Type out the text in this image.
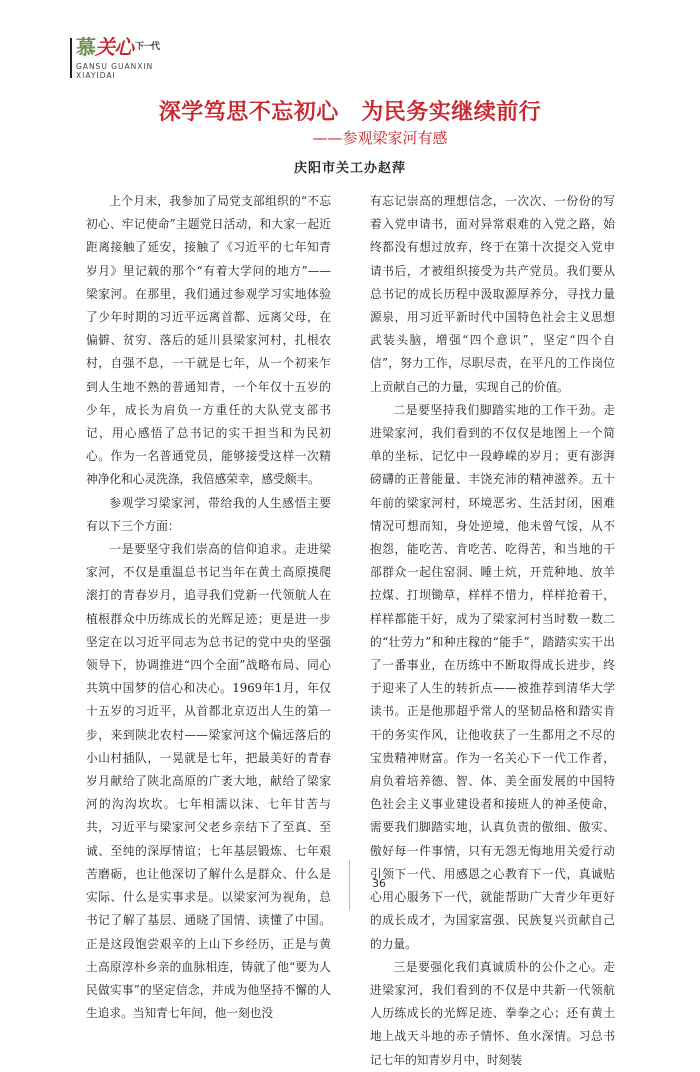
慕 关心 下一代
GANSU GUANXIN
XIAYIDAI
深学笃思不忘初心　为民务实继续前行
——参观梁家河有感
庆阳市关工办赵萍

上个月末，我参加了局党支部组织的“不忘初心、牢记使命”主题党日活动，和大家一起近距离接触了延安，接触了《习近平的七年知青岁月》里记载的那个“有着大学问的地方”——梁家河。在那里，我们通过参观学习实地体验了少年时期的习近平远离首都、远离父母，在偏僻、贫穷、落后的延川县梁家河村，扎根农村，自强不息，一干就是七年，从一个初来乍到人生地不熟的普通知青，一个年仅十五岁的少年，成长为肩负一方重任的大队党支部书记，用心感悟了总书记的实干担当和为民初心。作为一名普通党员，能够接受这样一次精神净化和心灵洗涤，我倍感荣幸，感受颇丰。

参观学习梁家河，带给我的人生感悟主要有以下三个方面：

一是要坚守我们崇高的信仰追求。走进梁家河，不仅是重温总书记当年在黄土高原摸爬滚打的青春岁月，追寻我们党新一代领航人在植根群众中历练成长的光辉足迹；更是进一步坚定在以习近平同志为总书记的党中央的坚强领导下，协调推进“四个全面”战略布局、同心共筑中国梦的信心和决心。1969年1月，年仅十五岁的习近平，从首都北京迈出人生的第一步，来到陕北农村——梁家河这个偏远落后的小山村插队，一晃就是七年，把最美好的青春岁月献给了陕北高原的广袤大地，献给了梁家河的沟沟坎坎。七年相濡以沫、七年甘苦与共，习近平与梁家河父老乡亲结下了至真、至诚、至纯的深厚情谊；七年基层锻炼、七年艰苦磨砺，也让他深切了解什么是群众、什么是实际、什么是实事求是。以梁家河为视角，总书记了解了基层、通晓了国情、读懂了中国。正是这段饱尝艰辛的上山下乡经历，正是与黄土高原淳朴乡亲的血脉相连，铸就了他“要为人民做实事”的坚定信念，并成为他坚持不懈的人生追求。当知青七年间，他一刻也没

有忘记崇高的理想信念，一次次、一份份的写着入党申请书，面对异常艰难的入党之路，始终都没有想过放弃，终于在第十次提交入党申请书后，才被组织接受为共产党员。我们要从总书记的成长历程中汲取源厚养分，寻找力量源泉，用习近平新时代中国特色社会主义思想武装头脑，增强“四个意识”，坚定“四个自信”，努力工作，尽职尽责，在平凡的工作岗位上贡献自己的力量，实现自己的价值。

二是要坚持我们脚踏实地的工作干劲。走进梁家河，我们看到的不仅仅是地图上一个简单的坐标、记忆中一段峥嵘的岁月；更有澎湃磅礴的正普能量、丰饶充沛的精神滋养。五十年前的梁家河村，环境恶劣、生活封闭，困难情况可想而知，身处逆境，他未曾气馁，从不抱怨，能吃苦、肯吃苦、吃得苦，和当地的干部群众一起住窑洞、睡土炕，开荒种地、放羊拉煤、打坝锄草，样样不惜力，样样抢着干，样样都能干好，成为了梁家河村当时数一数二的“壮劳力”和种庄稼的“能手”，踏踏实实干出了一番事业，在历练中不断取得成长进步，终于迎来了人生的转折点——被推荐到清华大学读书。正是他那超乎常人的坚韧品格和踏实肯干的务实作风，让他收获了一生都用之不尽的宝贵精神财富。作为一名关心下一代工作者，肩负着培养德、智、体、美全面发展的中国特色社会主义事业建设者和接班人的神圣使命，需要我们脚踏实地，认真负责的傲细、傲实、傲好每一件事情，只有无怨无悔地用关爱行动引领下一代、用感恩之心教育下一代，真诚贴心用心服务下一代，就能帮助广大青少年更好的成长成才，为国家富强、民族复兴贡献自己的力量。

三是要强化我们真诚质朴的公仆之心。走进梁家河，我们看到的不仅是中共新一代领航人历练成长的光辉足迹、拳拳之心；还有黄土地上战天斗地的赤子情怀、鱼水深情。习总书记七年的知青岁月中，时刻装

36
